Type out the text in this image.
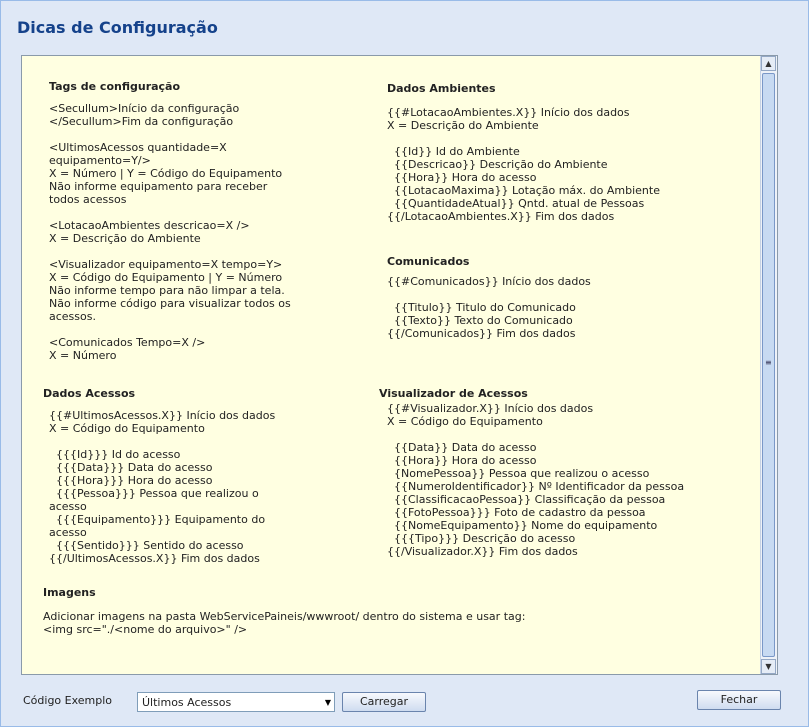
Dicas de Configuração
Tags de configuração
<Secullum>Início da configuração
</Secullum>Fim da configuração
<UltimosAcessos quantidade=X
equipamento=Y/>
X = Número | Y = Código do Equipamento
Não informe equipamento para receber
todos acessos
<LotacaoAmbientes descricao=X />
X = Descrição do Ambiente
<Visualizador equipamento=X tempo=Y>
X = Código do Equipamento | Y = Número
Não informe tempo para não limpar a tela.
Não informe código para visualizar todos os
acessos.
<Comunicados Tempo=X />
X = Número
Dados Acessos
{{#UltimosAcessos.X}} Início dos dados
X = Código do Equipamento
{{{Id}}} Id do acesso
{{{Data}}} Data do acesso
{{{Hora}}} Hora do acesso
{{{Pessoa}}} Pessoa que realizou o
acesso
{{{Equipamento}}} Equipamento do
acesso
{{{Sentido}}} Sentido do acesso
{{/UltimosAcessos.X}} Fim dos dados
Imagens
Adicionar imagens na pasta WebServicePaineis/wwwroot/ dentro do sistema e usar tag:
<img src="./<nome do arquivo>" />
Dados Ambientes
{{#LotacaoAmbientes.X}} Início dos dados
X = Descrição do Ambiente
{{Id}} Id do Ambiente
{{Descricao}} Descrição do Ambiente
{{Hora}} Hora do acesso
{{LotacaoMaxima}} Lotação máx. do Ambiente
{{QuantidadeAtual}} Qntd. atual de Pessoas
{{/LotacaoAmbientes.X}} Fim dos dados
Comunicados
{{#Comunicados}} Início dos dados
{{Titulo}} Titulo do Comunicado
{{Texto}} Texto do Comunicado
{{/Comunicados}} Fim dos dados
Visualizador de Acessos
{{#Visualizador.X}} Início dos dados
X = Código do Equipamento
{{Data}} Data do acesso
{{Hora}} Hora do acesso
{NomePessoa}} Pessoa que realizou o acesso
{{NumeroIdentificador}} Nº Identificador da pessoa
{{ClassificacaoPessoa}} Classificação da pessoa
{{FotoPessoa}}} Foto de cadastro da pessoa
{{NomeEquipamento}} Nome do equipamento
{{{Tipo}}} Descrição do acesso
{{/Visualizador.X}} Fim dos dados
▲
≡
▼
Código Exemplo	Últimos Acessos	▼	Carregar	Fechar
